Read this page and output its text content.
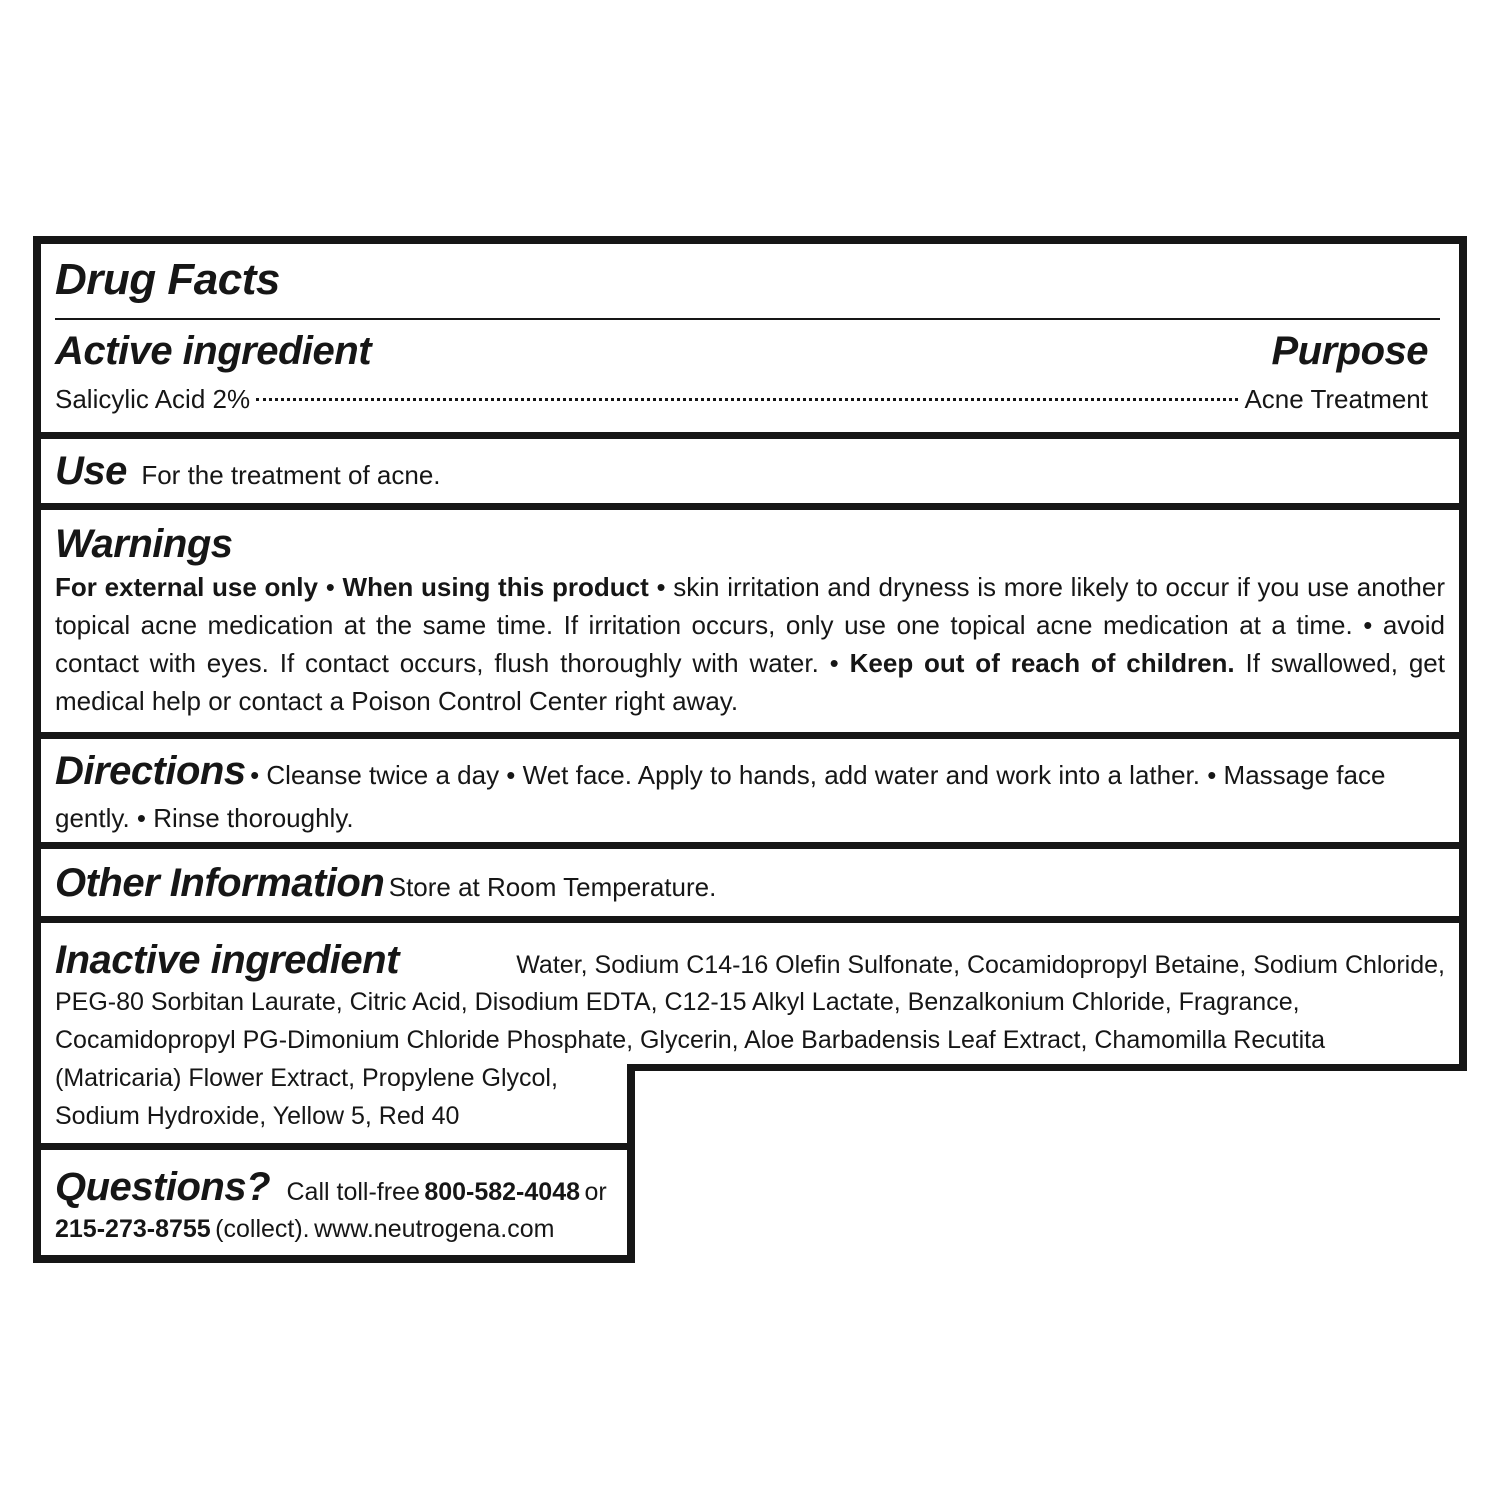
Drug Facts
Active ingredient	Purpose
Salicylic Acid 2%	Acne Treatment
Use For the treatment of acne.
Warnings
For external use only • When using this product • skin irritation and dryness is more likely to occur if you use another topical acne medication at the same time. If irritation occurs, only use one topical acne medication at a time. • avoid contact with eyes. If contact occurs, flush thoroughly with water. • Keep out of reach of children. If swallowed, get medical help or contact a Poison Control Center right away.
Directions • Cleanse twice a day • Wet face. Apply to hands, add water and work into a lather. • Massage face gently. • Rinse thoroughly.
Other Information Store at Room Temperature.
Inactive ingredient	Water, Sodium C14-16 Olefin Sulfonate, Cocamidopropyl Betaine, Sodium Chloride,
PEG-80 Sorbitan Laurate, Citric Acid, Disodium EDTA, C12-15 Alkyl Lactate, Benzalkonium Chloride, Fragrance,
Cocamidopropyl PG-Dimonium Chloride Phosphate, Glycerin, Aloe Barbadensis Leaf Extract, Chamomilla Recutita
(Matricaria) Flower Extract, Propylene Glycol,
Sodium Hydroxide, Yellow 5, Red 40
Questions? Call toll-free 800-582-4048 or
215-273-8755 (collect). www.neutrogena.com
